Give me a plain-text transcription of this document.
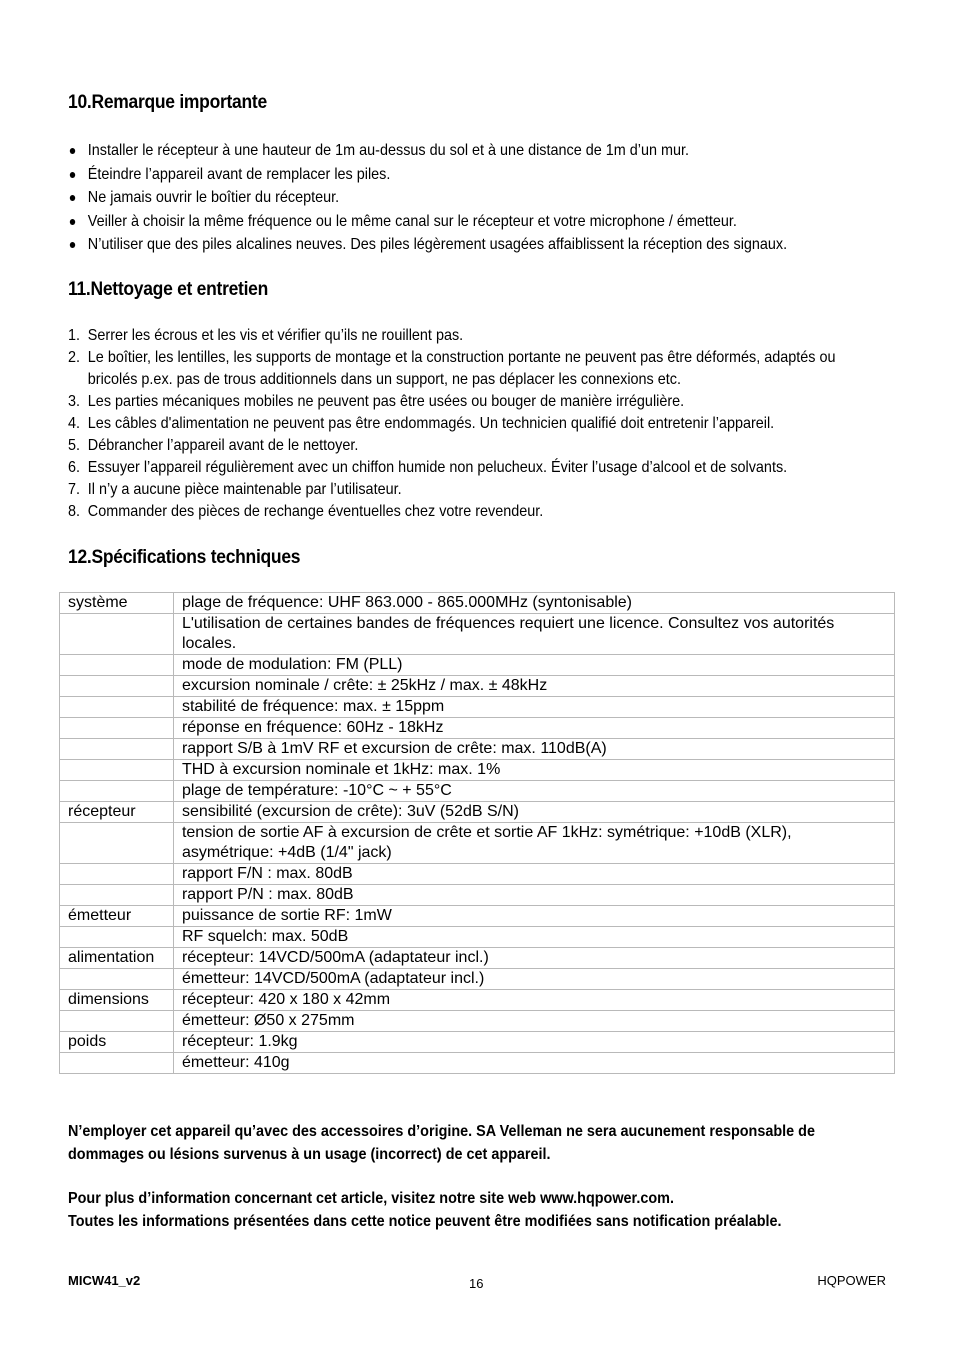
10.Remarque importante
Installer le récepteur à une hauteur de 1m au-dessus du sol et à une distance de 1m d’un mur.
Éteindre l’appareil avant de remplacer les piles.
Ne jamais ouvrir le boîtier du récepteur.
Veiller à choisir la même fréquence ou le même canal sur le récepteur et votre microphone / émetteur.
N’utiliser que des piles alcalines neuves. Des piles légèrement usagées affaiblissent la réception des signaux.
11.Nettoyage et entretien
1. Serrer les écrous et les vis et vérifier qu’ils ne rouillent pas.
2. Le boîtier, les lentilles, les supports de montage et la construction portante ne peuvent pas être déformés, adaptés ou bricolés p.ex. pas de trous additionnels dans un support, ne pas déplacer les connexions etc.
3. Les parties mécaniques mobiles ne peuvent pas être usées ou bouger de manière irrégulière.
4. Les câbles d'alimentation ne peuvent pas être endommagés. Un technicien qualifié doit entretenir l’appareil.
5. Débrancher l’appareil avant de le nettoyer.
6. Essuyer l’appareil régulièrement avec un chiffon humide non pelucheux. Éviter l’usage d’alcool et de solvants.
7. Il n’y a aucune pièce maintenable par l’utilisateur.
8. Commander des pièces de rechange éventuelles chez votre revendeur.
12.Spécifications techniques
système	plage de fréquence: UHF 863.000 - 865.000MHz (syntonisable)
	L'utilisation de certaines bandes de fréquences requiert une licence. Consultez vos autorités locales.
	mode de modulation: FM (PLL)
	excursion nominale / crête: ± 25kHz / max. ± 48kHz
	stabilité de fréquence: max. ± 15ppm
	réponse en fréquence: 60Hz - 18kHz
	rapport S/B à 1mV RF et excursion de crête: max. 110dB(A)
	THD à excursion nominale et 1kHz: max. 1%
	plage de température: -10°C ~ + 55°C
récepteur	sensibilité (excursion de crête): 3uV (52dB S/N)
	tension de sortie AF à excursion de crête et sortie AF 1kHz: symétrique: +10dB (XLR), asymétrique: +4dB (1/4" jack)
	rapport F/N : max. 80dB
	rapport P/N : max. 80dB
émetteur	puissance de sortie RF: 1mW
	RF squelch: max. 50dB
alimentation	récepteur: 14VCD/500mA (adaptateur incl.)
	émetteur: 14VCD/500mA (adaptateur incl.)
dimensions	récepteur: 420 x 180 x 42mm
	émetteur: Ø50 x 275mm
poids	récepteur: 1.9kg
	émetteur: 410g
N’employer cet appareil qu’avec des accessoires d’origine. SA Velleman ne sera aucunement responsable de dommages ou lésions survenus à un usage (incorrect) de cet appareil.
Pour plus d’information concernant cet article, visitez notre site web www.hqpower.com.
Toutes les informations présentées dans cette notice peuvent être modifiées sans notification préalable.
MICW41_v2	16	HQPOWER
